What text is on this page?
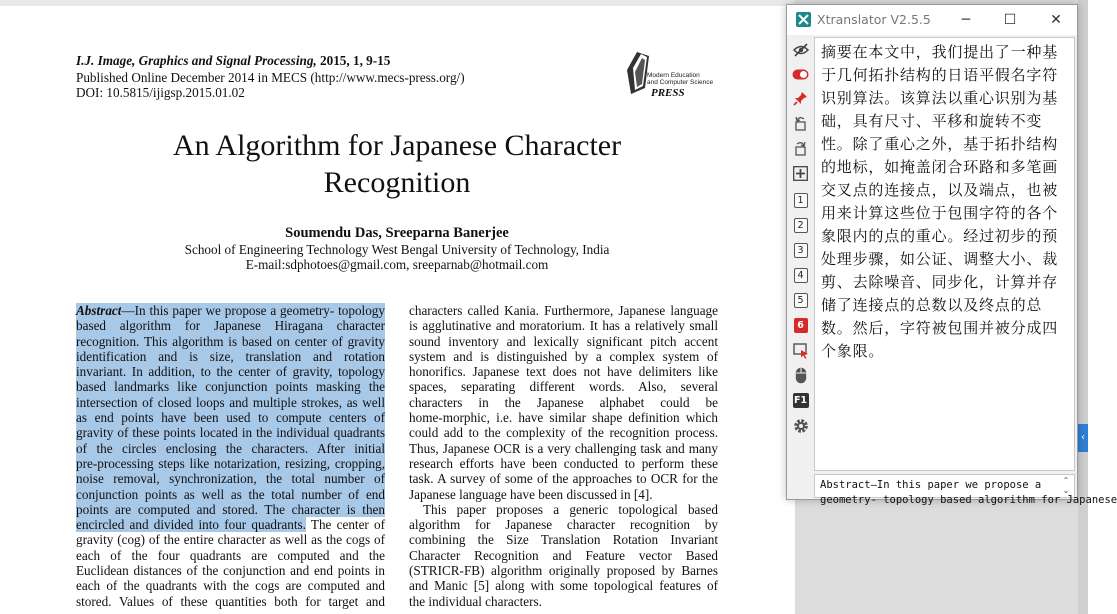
I.J. Image, Graphics and Signal Processing, 2015, 1, 9-15
Published Online December 2014 in MECS (http://www.mecs-press.org/)
DOI: 10.5815/ijigsp.2015.01.02
Modern Education
and Computer Science
PRESS
An Algorithm for Japanese Character
Recognition
Soumendu Das, Sreeparna Banerjee
School of Engineering Technology West Bengal University of Technology, India
E-mail:sdphotoes@gmail.com, sreeparnab@hotmail.com
Abstract—In this paper we propose a geometry- topology
based algorithm for Japanese Hiragana character
recognition. This algorithm is based on center of gravity
identification and is size, translation and rotation
invariant. In addition, to the center of gravity, topology
based landmarks like conjunction points masking the
intersection of closed loops and multiple strokes, as well
as end points have been used to compute centers of
gravity of these points located in the individual quadrants
of the circles enclosing the characters. After initial
pre-processing steps like notarization, resizing, cropping,
noise removal, synchronization, the total number of
conjunction points as well as the total number of end
points are computed and stored. The character is then
encircled and divided into four quadrants. The center of
gravity (cog) of the entire character as well as the cogs of
each of the four quadrants are computed and the
Euclidean distances of the conjunction and end points in
each of the quadrants with the cogs are computed and
stored. Values of these quantities both for target and
characters called Kania. Furthermore, Japanese language
is agglutinative and moratorium. It has a relatively small
sound inventory and lexically significant pitch accent
system and is distinguished by a complex system of
honorifics. Japanese text does not have delimiters like
spaces, separating different words. Also, several
characters in the Japanese alphabet could be
home-morphic, i.e. have similar shape definition which
could add to the complexity of the recognition process.
Thus, Japanese OCR is a very challenging task and many
research efforts have been conducted to perform these
task. A survey of some of the approaches to OCR for the
Japanese language have been discussed in [4].
This paper proposes a generic topological based
algorithm for Japanese character recognition by
combining the Size Translation Rotation Invariant
Character Recognition and Feature vector Based
(STRICR-FB) algorithm originally proposed by Barnes
and Manic [5] along with some topological features of
the individual characters.
‹
Xtranslator V2.5.5	─	☐	✕
1
2
3
4
5
6
F1
摘要在本文中，我们提出了一种基于几何拓扑结构的日语平假名字符识别算法。该算法以重心识别为基础，具有尺寸、平移和旋转不变性。除了重心之外，基于拓扑结构的地标，如掩盖闭合环路和多笔画交叉点的连接点，以及端点，也被用来计算这些位于包围字符的各个象限内的点的重心。经过初步的预处理步骤，如公证、调整大小、裁剪、去除噪音、同步化，计算并存储了连接点的总数以及终点的总数。然后，字符被包围并被分成四个象限。
Abstract—In this paper we propose a
geometry- topology based algorithm for Japanese
⌃
⌄
